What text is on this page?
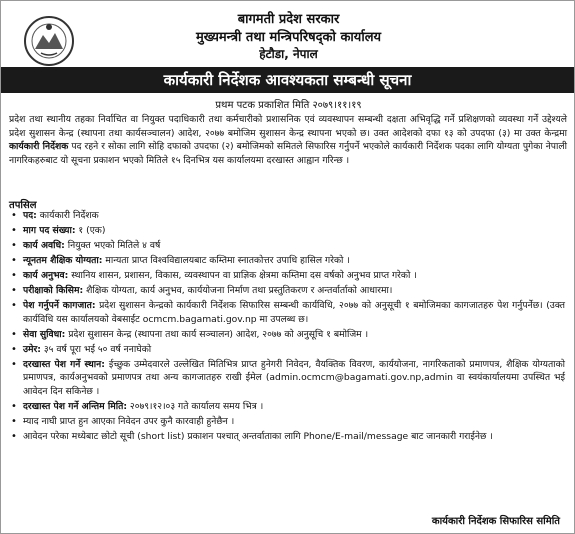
बागमती प्रदेश सरकार
मुख्यमन्त्री तथा मन्त्रिपरिषद्को कार्यालय
हेटौडा, नेपाल
कार्यकारी निर्देशक आवश्यकता सम्बन्धी सूचना
प्रथम पटक प्रकाशित मिति २०७९।११।१९
प्रदेश तथा स्थानीय तहका निर्वाचित वा नियुक्त पदाधिकारी तथा कर्मचारीको प्रशासनिक एवं व्यवस्थापन सम्बन्धी दक्षता अभिवृद्धि गर्ने प्रशिक्षणको व्यवस्था गर्ने उद्देश्यले प्रदेश सुशासन केन्द्र (स्थापना तथा कार्यसञ्चालन) आदेश, २०७७ बमोजिम सुशासन केन्द्र स्थापना भएको छ। उक्त आदेशको दफा १३ को उपदफा (३) मा उक्त केन्द्रमा कार्यकारी निर्देशक पद रहने र सोका लागि सोहि दफाको उपदफा (२) बमोजिमको समितले सिफारिस गर्नुपर्ने भएकोले कार्यकारी निर्देशक पदका लागि योग्यता पुगेका नेपाली नागरिकहरुबाट यो सूचना प्रकाशन भएको मितिले १५ दिनभित्र यस कार्यालयमा दरखास्त आह्वान गरिन्छ ।
तपसिल
• पद: कार्यकारी निर्देशक
• माग पद संख्या: १ (एक)
• कार्य अवधि: नियुक्त भएको मितिले ४ वर्ष
• न्यूनतम शैक्षिक योग्यता: मान्यता प्राप्त विश्वविद्यालयबाट कम्तिमा स्नातकोत्तर उपाधि हासिल गरेको ।
• कार्य अनुभव: स्थानिय शासन, प्रशासन, विकास, व्यवस्थापन वा प्राज्ञिक क्षेत्रमा कम्तिमा दस वर्षको अनुभव प्राप्त गरेको ।
• परीक्षाको किसिम: शैक्षिक योग्यता, कार्य अनुभव, कार्ययोजना निर्माण तथा प्रस्तुतिकरण र अन्तर्वार्ताको आधारमा।
• पेश गर्नुपर्ने कागजात: प्रदेश सुशासन केन्द्रको कार्यकारी निर्देशक सिफारिस सम्बन्धी कार्यविधि, २०७७ को अनुसूची १ बमोजिमका कागजातहरु पेश गर्नुपर्नेछ। (उक्त कार्यविधि यस कार्यालयको वेबसाईट ocmcm.bagamati.gov.np मा उपलब्ध छ।
• सेवा सुविधा: प्रदेश सुशासन केन्द्र (स्थापना तथा कार्य सञ्चालन) आदेश, २०७७ को अनुसूचि १ बमोजिम ।
• उमेर: ३५ वर्ष पूरा भई ५० वर्ष ननाघेको
• दरखास्त पेश गर्ने स्थान: ईच्छुक उम्मेदवारले उल्लेखित मितिभित्र प्राप्त हुनेगरी निवेदन, वैयक्तिक विवरण, कार्ययोजना, नागरिकताको प्रमाणपत्र, शैक्षिक योग्यताको प्रमाणपत्र, कार्यअनुभवको प्रमाणपत्र तथा अन्य कागजातहरु राखी ईमेल (admin.ocmcm@bagamati.gov.np,admin वा स्वयंकार्यालयमा उपस्थित भई आवेदन दिन सकिनेछ ।
• दरखास्त पेश गर्ने अन्तिम मिति: २०७९।१२।०३ गते कार्यालय समय भित्र ।
• म्याद नाघी प्राप्त हुन आएका निवेदन उपर कुनै कारवाही हुनेछैन ।
• आवेदन परेका मध्येबाट छोटो सूची (short list) प्रकाशन पश्चात् अन्तर्वाताका लागि Phone/E-mail/message बाट जानकारी गराईनेछ ।
कार्यकारी निर्देशक सिफारिस समिति
